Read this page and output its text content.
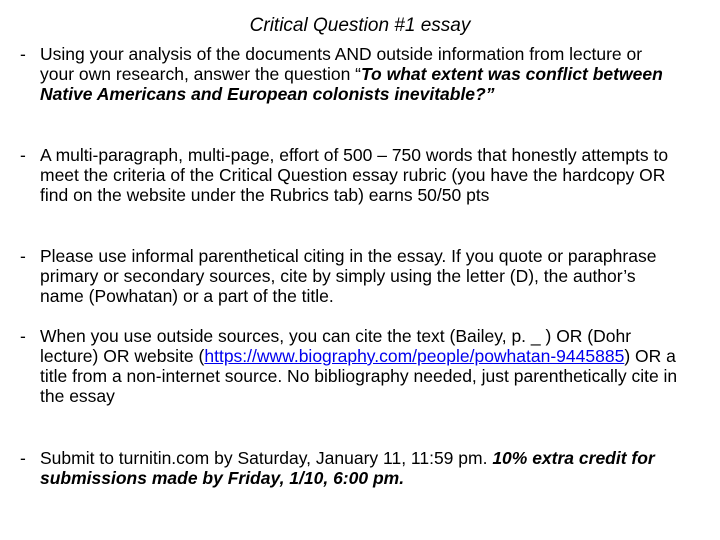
Critical Question #1 essay
- Using your analysis of the documents AND outside information from lecture or your own research, answer the question “To what extent was conflict between Native Americans and European colonists inevitable?”
- A multi-paragraph, multi-page, effort of 500 – 750 words that honestly attempts to meet the criteria of the Critical Question essay rubric (you have the hardcopy OR find on the website under the Rubrics tab) earns 50/50 pts
- Please use informal parenthetical citing in the essay. If you quote or paraphrase primary or secondary sources, cite by simply using the letter (D), the author’s name (Powhatan) or a part of the title.
- When you use outside sources, you can cite the text (Bailey, p. _ ) OR (Dohr lecture) OR website (https://www.biography.com/people/powhatan-9445885) OR a title from a non-internet source. No bibliography needed, just parenthetically cite in the essay
- Submit to turnitin.com by Saturday, January 11, 11:59 pm. 10% extra credit for submissions made by Friday, 1/10, 6:00 pm.
